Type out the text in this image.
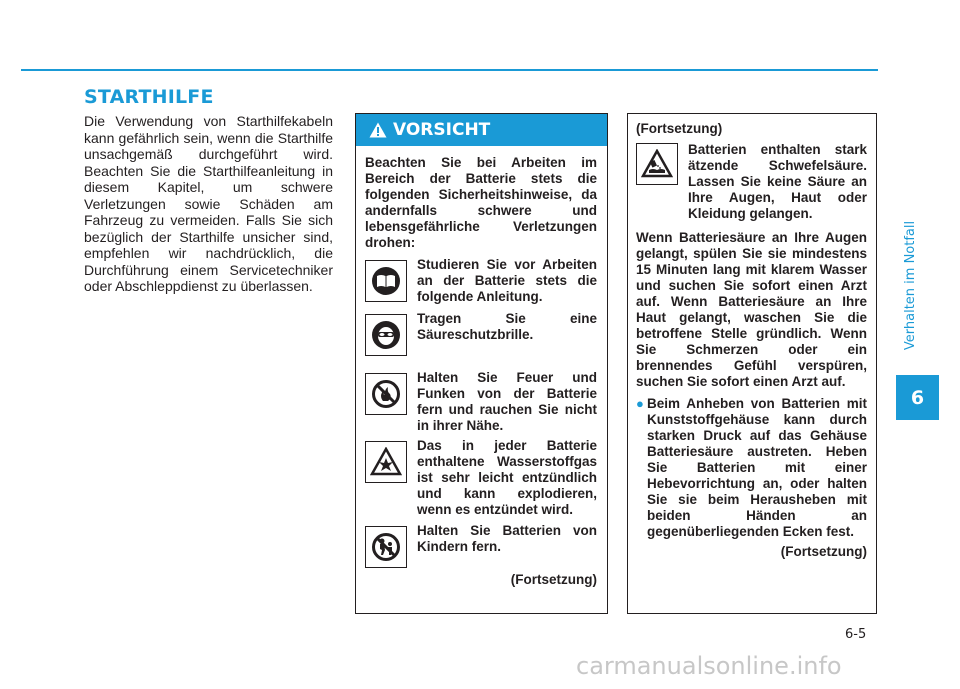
STARTHILFE

Die Verwendung von Starthilfekabeln kann gefährlich sein, wenn die Starthilfe unsachgemäß durchgeführt wird. Beachten Sie die Starthilfeanleitung in diesem Kapitel, um schwere Verletzungen sowie Schäden am Fahrzeug zu vermeiden. Falls Sie sich bezüglich der Starthilfe unsicher sind, empfehlen wir nachdrücklich, die Durchführung einem Servicetechniker oder Abschleppdienst zu überlassen.

VORSICHT

Beachten Sie bei Arbeiten im Bereich der Batterie stets die folgenden Sicherheitshinweise, da andernfalls schwere und lebensgefährliche Verletzungen drohen:

Studieren Sie vor Arbeiten an der Batterie stets die folgende Anleitung.
Tragen Sie eine Säureschutzbrille.
Halten Sie Feuer und Funken von der Batterie fern und rauchen Sie nicht in ihrer Nähe.
Das in jeder Batterie enthaltene Wasserstoffgas ist sehr leicht entzündlich und kann explodieren, wenn es entzündet wird.
Halten Sie Batterien von Kindern fern.
(Fortsetzung)
(Fortsetzung)
Batterien enthalten stark ätzende Schwefelsäure. Lassen Sie keine Säure an Ihre Augen, Haut oder Kleidung gelangen.

Wenn Batteriesäure an Ihre Augen gelangt, spülen Sie sie mindestens 15 Minuten lang mit klarem Wasser und suchen Sie sofort einen Arzt auf. Wenn Batteriesäure an Ihre Haut gelangt, waschen Sie die betroffene Stelle gründlich. Wenn Sie Schmerzen oder ein brennendes Gefühl verspüren, suchen Sie sofort einen Arzt auf.

● Beim Anheben von Batterien mit Kunststoffgehäuse kann durch starken Druck auf das Gehäuse Batteriesäure austreten. Heben Sie Batterien mit einer Hebevorrichtung an, oder halten Sie sie beim Herausheben mit beiden Händen an gegenüberliegenden Ecken fest.
(Fortsetzung)
Verhalten im Notfall
6
6-5
carmanualsonline.info
